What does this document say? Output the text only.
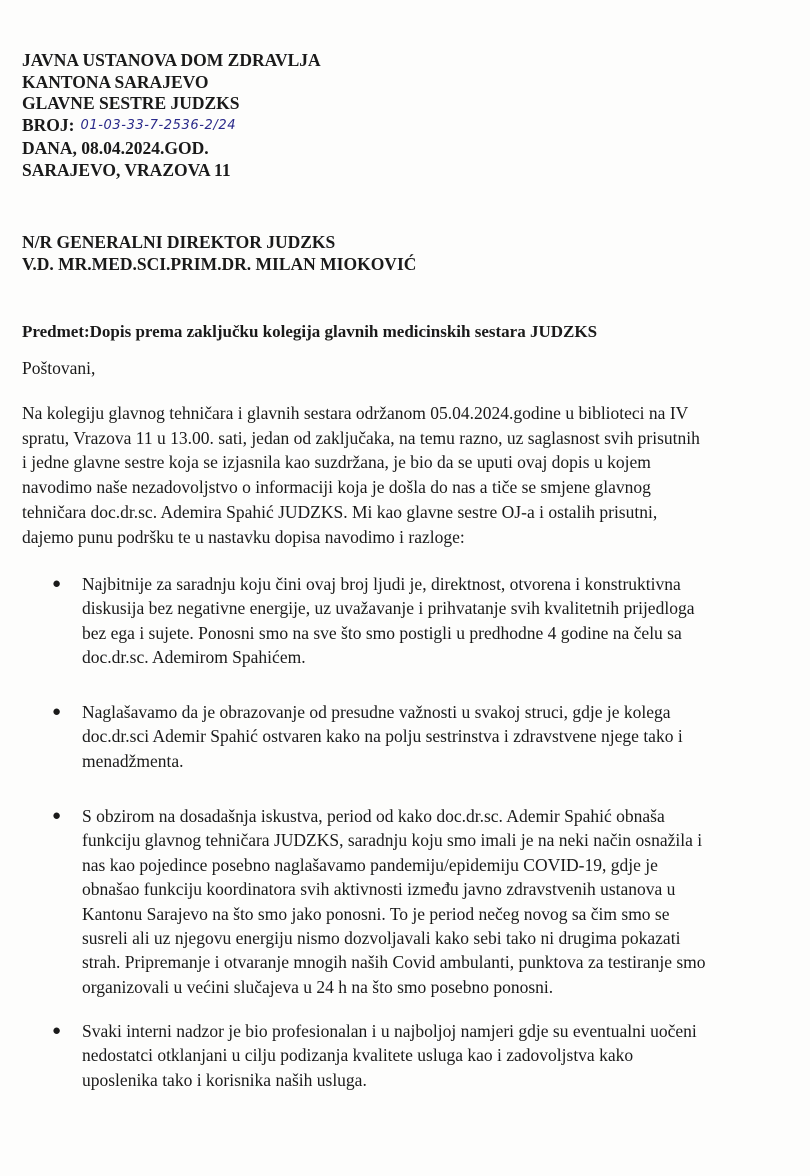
JAVNA USTANOVA DOM ZDRAVLJA
KANTONA SARAJEVO
GLAVNE SESTRE JUDZKS
BROJ: 01-03-33-7-2536-2/24
DANA, 08.04.2024.GOD.
SARAJEVO, VRAZOVA 11
N/R GENERALNI DIREKTOR JUDZKS
V.D. MR.MED.SCI.PRIM.DR. MILAN MIOKOVIĆ
Predmet:Dopis prema zaključku kolegija glavnih medicinskih sestara JUDZKS
Poštovani,
Na kolegiju glavnog tehničara i glavnih sestara održanom 05.04.2024.godine u biblioteci na IV
spratu, Vrazova 11 u 13.00. sati, jedan od zaključaka, na temu razno, uz saglasnost svih prisutnih
i jedne glavne sestre koja se izjasnila kao suzdržana, je bio da se uputi ovaj dopis u kojem
navodimo naše nezadovoljstvo o informaciji koja je došla do nas a tiče se smjene glavnog
tehničara doc.dr.sc. Ademira Spahić JUDZKS. Mi kao glavne sestre OJ-a i ostalih prisutni,
dajemo punu podršku te u nastavku dopisa navodimo i razloge:
● Najbitnije za saradnju koju čini ovaj broj ljudi je, direktnost, otvorena i konstruktivna
diskusija bez negativne energije, uz uvažavanje i prihvatanje svih kvalitetnih prijedloga
bez ega i sujete. Ponosni smo na sve što smo postigli u predhodne 4 godine na čelu sa
doc.dr.sc. Ademirom Spahićem.
● Naglašavamo da je obrazovanje od presudne važnosti u svakoj struci, gdje je kolega
doc.dr.sci Ademir Spahić ostvaren kako na polju sestrinstva i zdravstvene njege tako i
menadžmenta.
● S obzirom na dosadašnja iskustva, period od kako doc.dr.sc. Ademir Spahić obnaša
funkciju glavnog tehničara JUDZKS, saradnju koju smo imali je na neki način osnažila i
nas kao pojedince posebno naglašavamo pandemiju/epidemiju COVID-19, gdje je
obnašao funkciju koordinatora svih aktivnosti između javno zdravstvenih ustanova u
Kantonu Sarajevo na što smo jako ponosni. To je period nečeg novog sa čim smo se
susreli ali uz njegovu energiju nismo dozvoljavali kako sebi tako ni drugima pokazati
strah. Pripremanje i otvaranje mnogih naših Covid ambulanti, punktova za testiranje smo
organizovali u većini slučajeva u 24 h na što smo posebno ponosni.
● Svaki interni nadzor je bio profesionalan i u najboljoj namjeri gdje su eventualni uočeni
nedostatci otklanjani u cilju podizanja kvalitete usluga kao i zadovoljstva kako
uposlenika tako i korisnika naših usluga.
